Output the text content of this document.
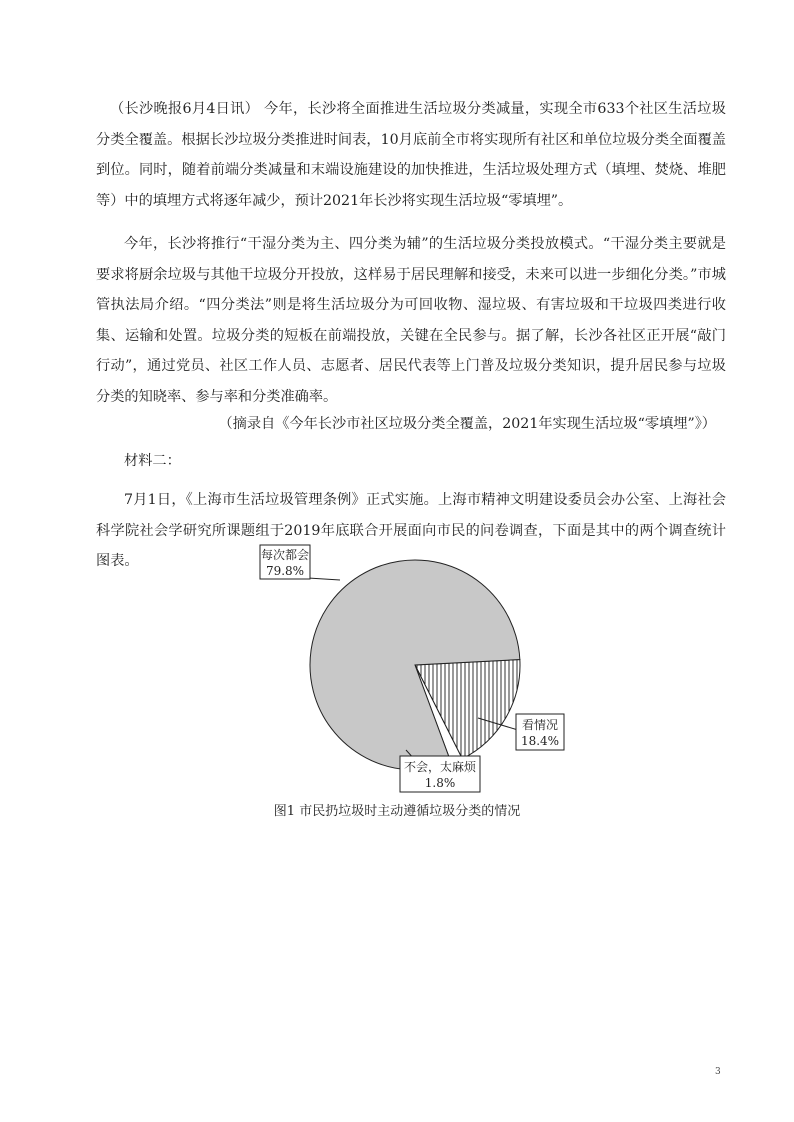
（长沙晚报6月4日讯） 今年，长沙将全面推进生活垃圾分类减量，实现全市633个社区生活垃圾分类全覆盖。根据长沙垃圾分类推进时间表，10月底前全市将实现所有社区和单位垃圾分类全面覆盖到位。同时，随着前端分类减量和末端设施建设的加快推进，生活垃圾处理方式（填埋、焚烧、堆肥等）中的填埋方式将逐年减少，预计2021年长沙将实现生活垃圾“零填埋”。

今年，长沙将推行“干湿分类为主、四分类为辅”的生活垃圾分类投放模式。“干湿分类主要就是要求将厨余垃圾与其他干垃圾分开投放，这样易于居民理解和接受，未来可以进一步细化分类。”市城管执法局介绍。“四分类法”则是将生活垃圾分为可回收物、湿垃圾、有害垃圾和干垃圾四类进行收集、运输和处置。垃圾分类的短板在前端投放，关键在全民参与。据了解，长沙各社区正开展“敲门行动”，通过党员、社区工作人员、志愿者、居民代表等上门普及垃圾分类知识，提升居民参与垃圾分类的知晓率、参与率和分类准确率。

（摘录自《今年长沙市社区垃圾分类全覆盖，2021年实现生活垃圾“零填埋”》）

材料二：

7月1日，《上海市生活垃圾管理条例》正式实施。上海市精神文明建设委员会办公室、上海社会科学院社会学研究所课题组于2019年底联合开展面向市民的问卷调查，下面是其中的两个调查统计图表。	每次都会
79.8%
看情况
18.4%
不会，太麻烦
1.8%

图1 市民扔垃圾时主动遵循垃圾分类的情况

3
